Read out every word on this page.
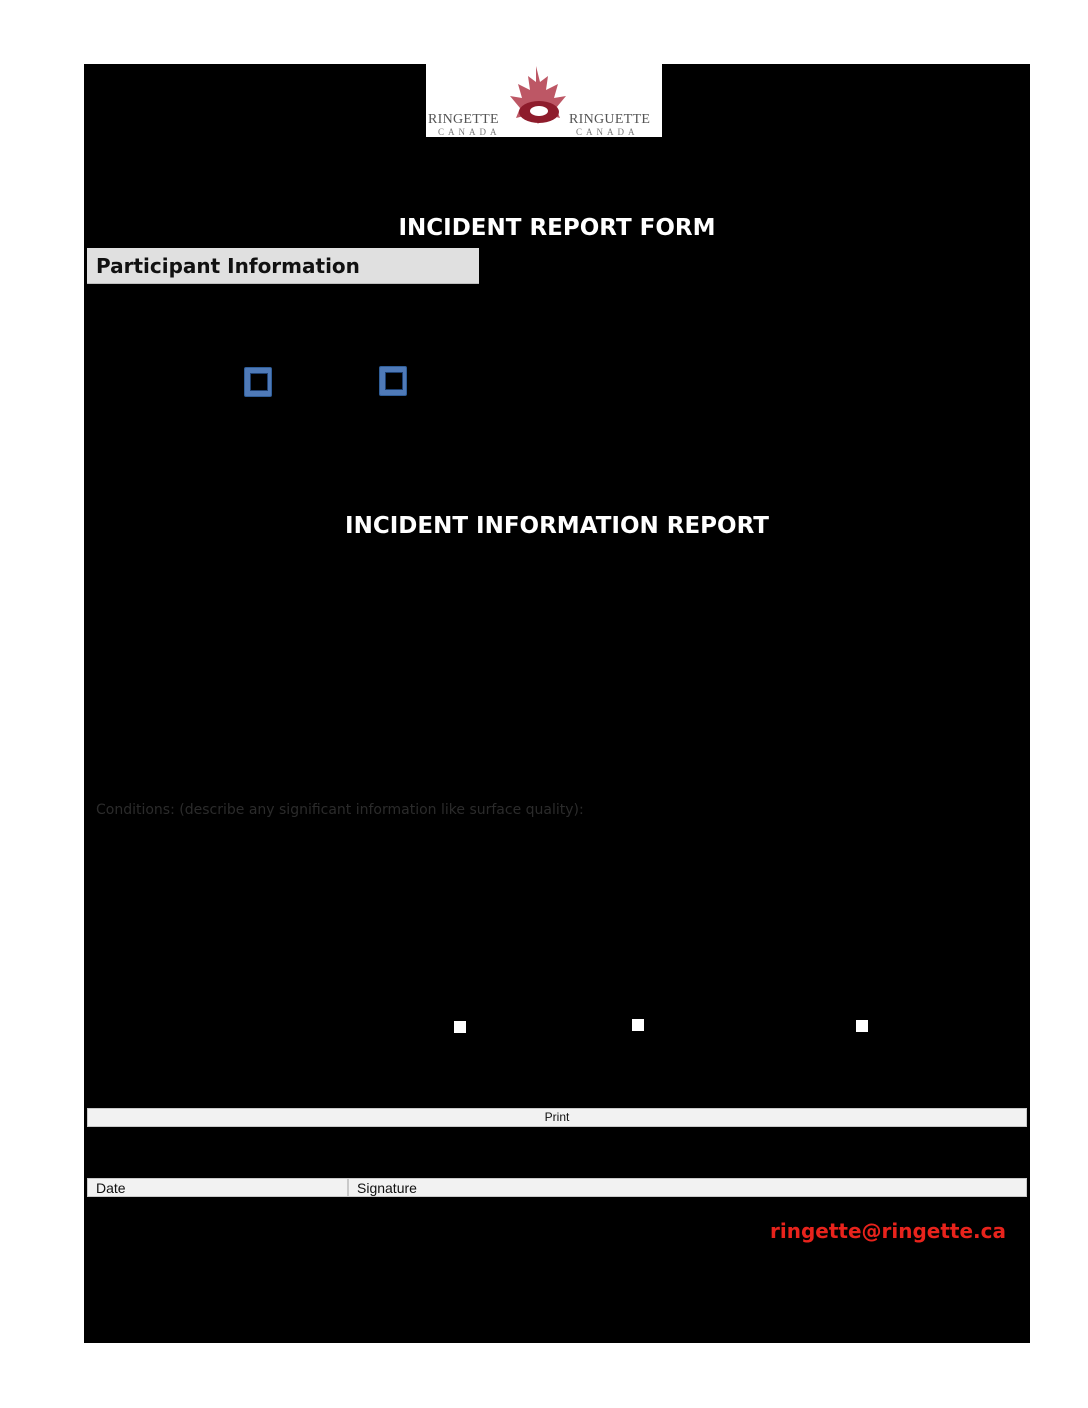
RINGETTE	RINGUETTE
CANADA	CANADA
INCIDENT REPORT FORM
Participant Information
INCIDENT INFORMATION REPORT
Conditions: (describe any significant information like surface quality):
Print
Date	Signature
ringette@ringette.ca
